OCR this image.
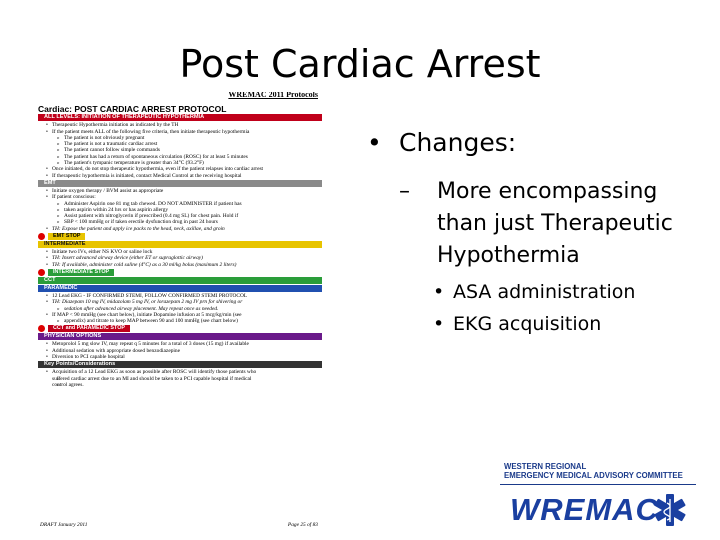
Post Cardiac Arrest
WREMAC 2011 Protocols
Cardiac: POST CARDIAC ARREST PROTOCOL
ALL LEVELS: INITIATION OF THERAPEUTIC HYPOTHERMIA
• Therapeutic Hypothermia initiation as indicated by the TH
• If the patient meets ALL of the following five criteria, then initiate therapeutic hypothermia
o The patient is not obviously pregnant
o The patient is not a traumatic cardiac arrest
o The patient cannot follow simple commands
o The patient has had a return of spontaneous circulation (ROSC) for at least 5 minutes
o The patient's tympanic temperature is greater than 34°C (93.2°F)
• Once initiated, do not stop therapeutic hypothermia, even if the patient relapses into cardiac arrest
• If therapeutic hypothermia is initiated, contact Medical Control at the receiving hospital
EMT
• Initiate oxygen therapy / BVM assist as appropriate
• If patient conscious:
o Administer Aspirin one 81 mg tab chewed. DO NOT ADMINISTER if patient has
o taken aspirin within 24 hrs or has aspirin allergy
o Assist patient with nitroglycerin if prescribed (0.4 mg SL) for chest pain. Hold if
o SBP < 100 mmHg or if taken erectile dysfunction drug in past 24 hours
• TH: Expose the patient and apply ice packs to the head, neck, axillae, and groin
EMT STOP
INTERMEDIATE
• Initiate two IVs, either NS KVO or saline lock
• TH: Insert advanced airway device (either ET or supraglottic airway)
• TH: If available, administer cold saline (4°C) as a 30 ml/kg bolus (maximum 2 liters)
INTERMEDIATE STOP
CCT
PARAMEDIC
• 12 Lead EKG - IF CONFIRMED STEMI, FOLLOW CONFIRMED STEMI PROTOCOL
• TH: Diazepam 10 mg IV, midazolam 5 mg IV, or lorazepam 2 mg IV prn for shivering or
o sedation after advanced airway placement. May repeat once as needed.
• If MAP < 90 mmHg (see chart below), initiate Dopamine infusion at 5 mcg/kg/min (see
o appendix) and titrate to keep MAP between 90 and 100 mmHg (see chart below)
CCT and PARAMEDIC STOP
PHYSICIAN OPTIONS
• Metoprolol 5 mg slow IV, may repeat q 5 minutes for a total of 3 doses (15 mg) if available
• Additional sedation with appropriate dosed benzodiazepine
• Diversion to PCI capable hospital
Key Points/Considerations
• Acquisition of a 12 Lead EKG as soon as possible after ROSC will identify those patients who
o suffered cardiac arrest due to an MI and should be taken to a PCI capable hospital if medical
o control agrees.
DRAFT January 2011	Page 25 of 83
• Changes:
– More encompassing than just Therapeutic Hypothermia
• ASA administration
• EKG acquisition
WESTERN REGIONAL
EMERGENCY MEDICAL ADVISORY COMMITTEE
WREMAC
